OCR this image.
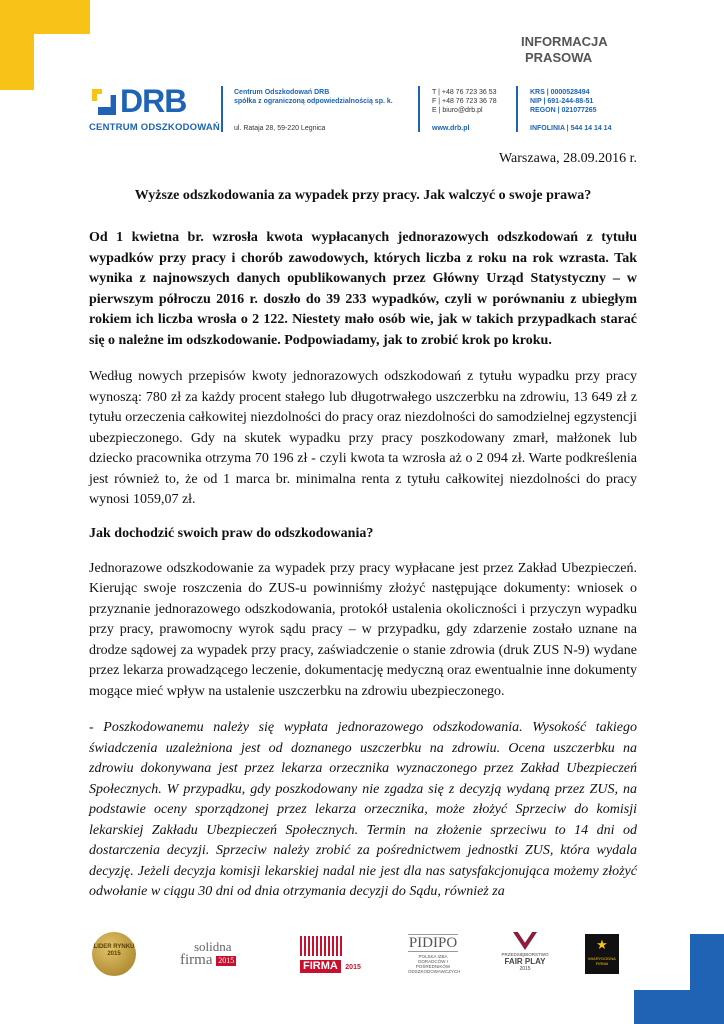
INFORMACJA
PRASOWA
DRB
CENTRUM ODSZKODOWAŃ
Centrum Odszkodowań DRB
spółka z ograniczoną odpowiedzialnością sp. k.
ul. Rataja 28, 59-220 Legnica
T | +48 76 723 36 53
F | +48 76 723 36 78
E | biuro@drb.pl
www.drb.pl
KRS | 0000528494
NIP | 691-244-88-51
REGON | 021077265
INFOLINIA | 544 14 14 14
Warszawa, 28.09.2016 r.
Wyższe odszkodowania za wypadek przy pracy. Jak walczyć o swoje prawa?
Od 1 kwietna br. wzrosła kwota wypłacanych jednorazowych odszkodowań z tytułu wypadków przy pracy i chorób zawodowych, których liczba z roku na rok wzrasta. Tak wynika z najnowszych danych opublikowanych przez Główny Urząd Statystyczny – w pierwszym półroczu 2016 r. doszło do 39 233 wypadków, czyli w porównaniu z ubiegłym rokiem ich liczba wrosła o 2 122. Niestety mało osób wie, jak w takich przypadkach starać się o należne im odszkodowanie. Podpowiadamy, jak to zrobić krok po kroku.
Według nowych przepisów kwoty jednorazowych odszkodowań z tytułu wypadku przy pracy wynoszą: 780 zł za każdy procent stałego lub długotrwałego uszczerbku na zdrowiu, 13 649 zł z tytułu orzeczenia całkowitej niezdolności do pracy oraz niezdolności do samodzielnej egzystencji ubezpieczonego. Gdy na skutek wypadku przy pracy poszkodowany zmarł, małżonek lub dziecko pracownika otrzyma 70 196 zł - czyli kwota ta wzrosła aż o 2 094 zł. Warte podkreślenia jest również to, że od 1 marca br. minimalna renta z tytułu całkowitej niezdolności do pracy wynosi 1059,07 zł.
Jak dochodzić swoich praw do odszkodowania?
Jednorazowe odszkodowanie za wypadek przy pracy wypłacane jest przez Zakład Ubezpieczeń. Kierując swoje roszczenia do ZUS-u powinniśmy złożyć następujące dokumenty: wniosek o przyznanie jednorazowego odszkodowania, protokół ustalenia okoliczności i przyczyn wypadku przy pracy, prawomocny wyrok sądu pracy – w przypadku, gdy zdarzenie zostało uznane na drodze sądowej za wypadek przy pracy, zaświadczenie o stanie zdrowia (druk ZUS N-9) wydane przez lekarza prowadzącego leczenie, dokumentację medyczną oraz ewentualnie inne dokumenty mogące mieć wpływ na ustalenie uszczerbku na zdrowiu ubezpieczonego.
- Poszkodowanemu należy się wypłata jednorazowego odszkodowania. Wysokość takiego świadczenia uzależniona jest od doznanego uszczerbku na zdrowiu. Ocena uszczerbku na zdrowiu dokonywana jest przez lekarza orzecznika wyznaczonego przez Zakład Ubezpieczeń Społecznych. W przypadku, gdy poszkodowany nie zgadza się z decyzją wydaną przez ZUS, na podstawie oceny sporządzonej przez lekarza orzecznika, może złożyć Sprzeciw do komisji lekarskiej Zakładu Ubezpieczeń Społecznych. Termin na złożenie sprzeciwu to 14 dni od dostarczenia decyzji. Sprzeciw należy zrobić za pośrednictwem jednostki ZUS, która wydala decyzję. Jeżeli decyzja komisji lekarskiej nadal nie jest dla nas satysfakcjonująca możemy złożyć odwołanie w ciągu 30 dni od dnia otrzymania decyzji do Sądu, również za
LIDER RYNKU 2015	solidna
firma 2015	FIRMA 2015
PIDIPO
POLSKA IZBA DORADCÓW I POŚREDNIKÓW ODSZKODOWAWCZYCH
PRZEDSIĘBIORSTWO
FAIR PLAY
2015
★
WIARYGODNA FIRMA
